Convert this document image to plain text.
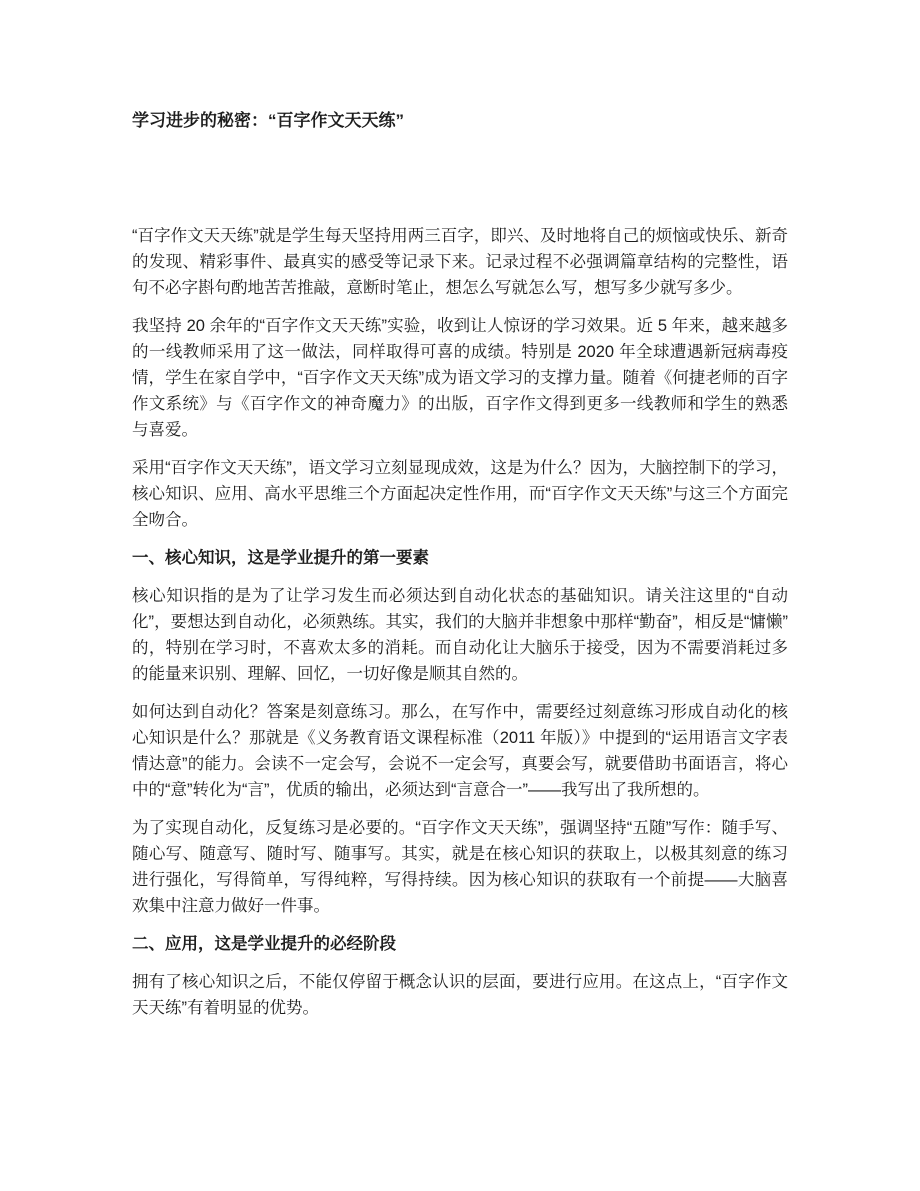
学习进步的秘密：“百字作文天天练”

“百字作文天天练”就是学生每天坚持用两三百字，即兴、及时地将自己的烦恼或快乐、新奇的发现、精彩事件、最真实的感受等记录下来。记录过程不必强调篇章结构的完整性，语句不必字斟句酌地苦苦推敲，意断时笔止，想怎么写就怎么写，想写多少就写多少。

我坚持 20 余年的“百字作文天天练”实验，收到让人惊讶的学习效果。近 5 年来，越来越多的一线教师采用了这一做法，同样取得可喜的成绩。特别是 2020 年全球遭遇新冠病毒疫情，学生在家自学中，“百字作文天天练”成为语文学习的支撑力量。随着《何捷老师的百字作文系统》与《百字作文的神奇魔力》的出版，百字作文得到更多一线教师和学生的熟悉与喜爱。

采用“百字作文天天练”，语文学习立刻显现成效，这是为什么？因为，大脑控制下的学习，核心知识、应用、高水平思维三个方面起决定性作用，而“百字作文天天练”与这三个方面完全吻合。

一、核心知识，这是学业提升的第一要素

核心知识指的是为了让学习发生而必须达到自动化状态的基础知识。请关注这里的“自动化”，要想达到自动化，必须熟练。其实，我们的大脑并非想象中那样“勤奋”，相反是“慵懒”的，特别在学习时，不喜欢太多的消耗。而自动化让大脑乐于接受，因为不需要消耗过多的能量来识别、理解、回忆，一切好像是顺其自然的。

如何达到自动化？答案是刻意练习。那么，在写作中，需要经过刻意练习形成自动化的核心知识是什么？那就是《义务教育语文课程标准（2011 年版）》中提到的“运用语言文字表情达意”的能力。会读不一定会写，会说不一定会写，真要会写，就要借助书面语言，将心中的“意”转化为“言”，优质的输出，必须达到“言意合一”——我写出了我所想的。

为了实现自动化，反复练习是必要的。“百字作文天天练”，强调坚持“五随”写作：随手写、随心写、随意写、随时写、随事写。其实，就是在核心知识的获取上，以极其刻意的练习进行强化，写得简单，写得纯粹，写得持续。因为核心知识的获取有一个前提——大脑喜欢集中注意力做好一件事。

二、应用，这是学业提升的必经阶段

拥有了核心知识之后，不能仅停留于概念认识的层面，要进行应用。在这点上，“百字作文天天练”有着明显的优势。
